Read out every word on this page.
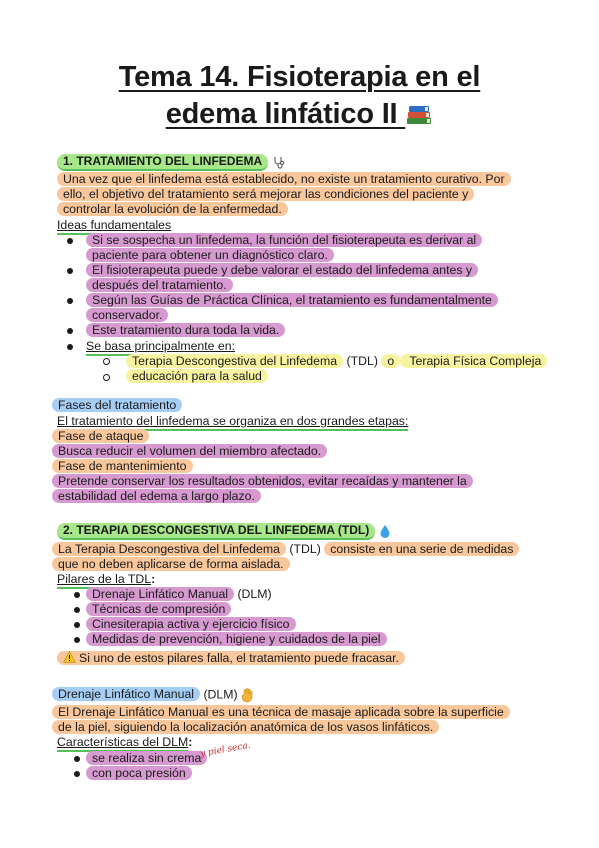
Tema 14. Fisioterapia en el
edema linfático II
1. TRATAMIENTO DEL LINFEDEMA
Una vez que el linfedema está establecido, no existe un tratamiento curativo. Por
ello, el objetivo del tratamiento será mejorar las condiciones del paciente y
controlar la evolución de la enfermedad.
Ideas fundamentales
Si se sospecha un linfedema, la función del fisioterapeuta es derivar al
paciente para obtener un diagnóstico claro.
El fisioterapeuta puede y debe valorar el estado del linfedema antes y
después del tratamiento.
Según las Guías de Práctica Clínica, el tratamiento es fundamentalmente
conservador.
Este tratamiento dura toda la vida.
Se basa principalmente en:
Terapia Descongestiva del Linfedema (TDL) o Terapia Física Compleja
educación para la salud
Fases del tratamiento
El tratamiento del linfedema se organiza en dos grandes etapas:
Fase de ataque
Busca reducir el volumen del miembro afectado.
Fase de mantenimiento
Pretende conservar los resultados obtenidos, evitar recaídas y mantener la
estabilidad del edema a largo plazo.
2. TERAPIA DESCONGESTIVA DEL LINFEDEMA (TDL)
La Terapia Descongestiva del Linfedema (TDL) consiste en una serie de medidas
que no deben aplicarse de forma aislada.
Pilares de la TDL:
Drenaje Linfático Manual (DLM)
Técnicas de compresión
Cinesiterapia activa y ejercicio físico
Medidas de prevención, higiene y cuidados de la piel
Si uno de estos pilares falla, el tratamiento puede fracasar.
Drenaje Linfático Manual (DLM)
El Drenaje Linfático Manual es una técnica de masaje aplicada sobre la superficie
de la piel, siguiendo la localización anatómica de los vasos linfáticos.
Características del DLM:
se realiza sin crema
y piel seca.
con poca presión
